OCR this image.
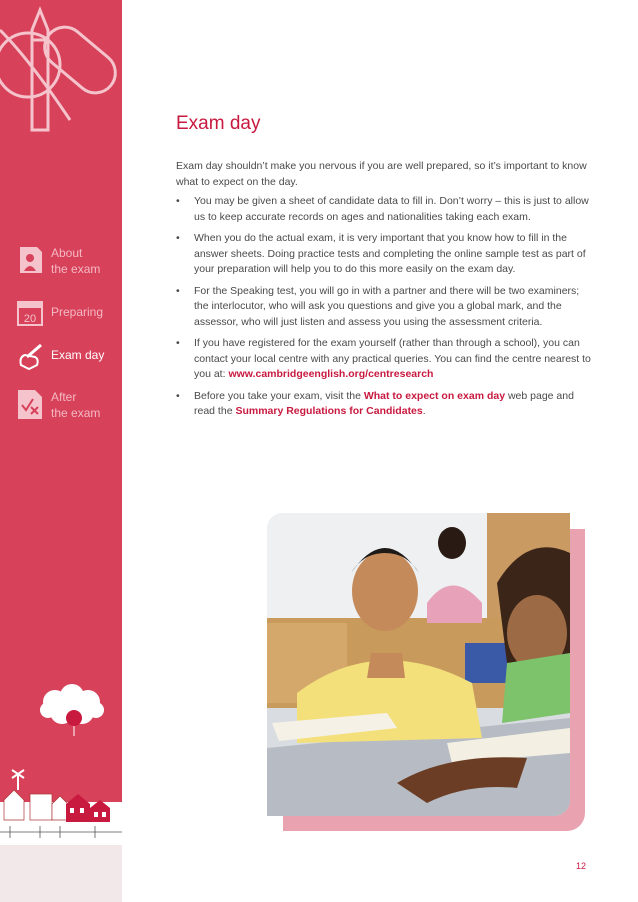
About
the exam
20 Preparing
Exam day
After
the exam
Exam day

Exam day shouldn’t make you nervous if you are well prepared, so it’s important to know what to expect on the day.

• You may be given a sheet of candidate data to fill in. Don’t worry – this is just to allow us to keep accurate records on ages and nationalities taking each exam.
• When you do the actual exam, it is very important that you know how to fill in the answer sheets. Doing practice tests and completing the online sample test as part of your preparation will help you to do this more easily on the exam day.
• For the Speaking test, you will go in with a partner and there will be two examiners; the interlocutor, who will ask you questions and give you a global mark, and the assessor, who will just listen and assess you using the assessment criteria.
• If you have registered for the exam yourself (rather than through a school), you can contact your local centre with any practical queries. You can find the centre nearest to you at: www.cambridgeenglish.org/centresearch
• Before you take your exam, visit the What to expect on exam day web page and read the Summary Regulations for Candidates.
12
